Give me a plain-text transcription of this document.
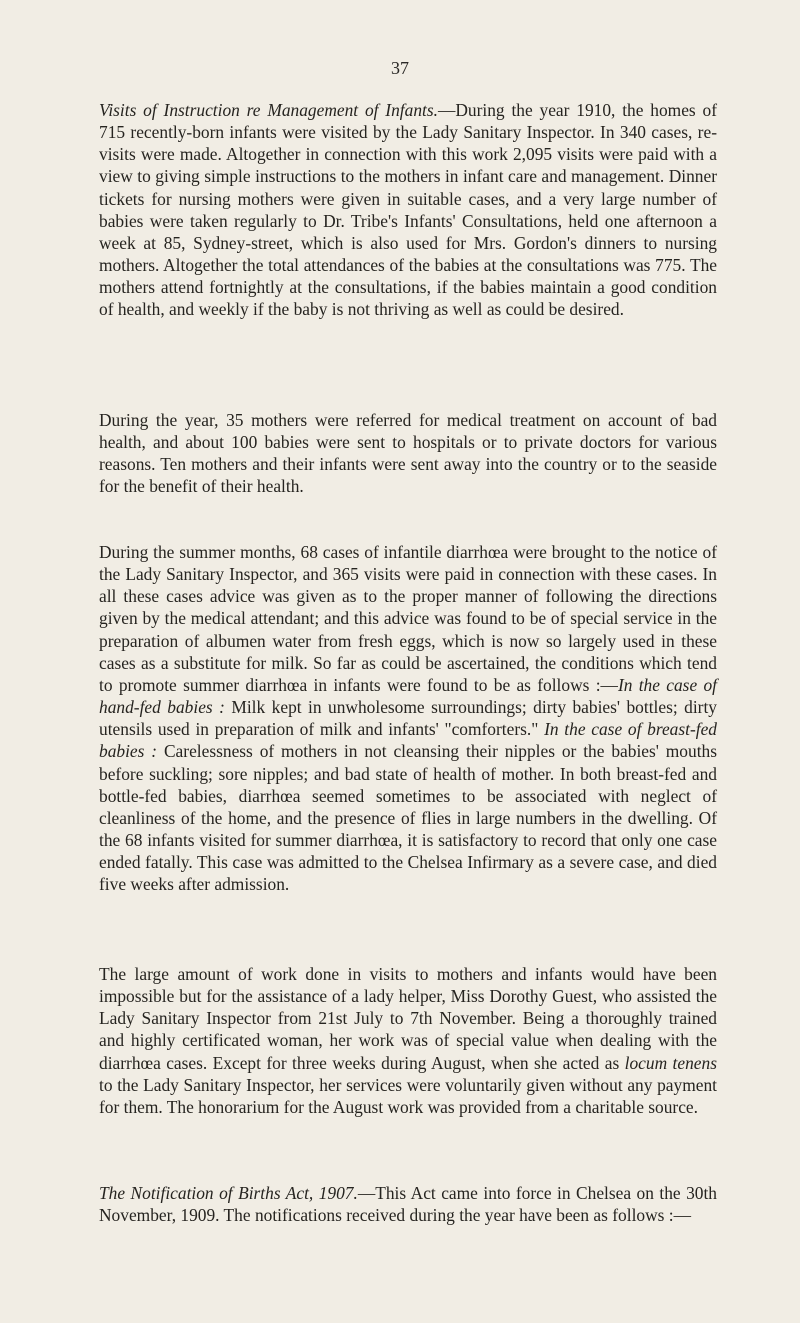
37

Visits of Instruction re Management of Infants.—During the year 1910, the homes of 715 recently-born infants were visited by the Lady Sanitary Inspector. In 340 cases, re-visits were made. Altogether in connection with this work 2,095 visits were paid with a view to giving simple instructions to the mothers in infant care and management. Dinner tickets for nursing mothers were given in suitable cases, and a very large number of babies were taken regularly to Dr. Tribe's Infants' Consultations, held one afternoon a week at 85, Sydney-street, which is also used for Mrs. Gordon's dinners to nursing mothers. Altogether the total attendances of the babies at the consultations was 775. The mothers attend fortnightly at the consultations, if the babies maintain a good condition of health, and weekly if the baby is not thriving as well as could be desired.

During the year, 35 mothers were referred for medical treatment on account of bad health, and about 100 babies were sent to hospitals or to private doctors for various reasons. Ten mothers and their infants were sent away into the country or to the seaside for the benefit of their health.

During the summer months, 68 cases of infantile diarrhœa were brought to the notice of the Lady Sanitary Inspector, and 365 visits were paid in connection with these cases. In all these cases advice was given as to the proper manner of following the directions given by the medical attendant; and this advice was found to be of special service in the preparation of albumen water from fresh eggs, which is now so largely used in these cases as a substitute for milk. So far as could be ascertained, the conditions which tend to promote summer diarrhœa in infants were found to be as follows :—In the case of hand-fed babies : Milk kept in unwholesome surroundings; dirty babies' bottles; dirty utensils used in preparation of milk and infants' "comforters." In the case of breast-fed babies : Carelessness of mothers in not cleansing their nipples or the babies' mouths before suckling; sore nipples; and bad state of health of mother. In both breast-fed and bottle-fed babies, diarrhœa seemed sometimes to be associated with neglect of cleanliness of the home, and the presence of flies in large numbers in the dwelling. Of the 68 infants visited for summer diarrhœa, it is satisfactory to record that only one case ended fatally. This case was admitted to the Chelsea Infirmary as a severe case, and died five weeks after admission.

The large amount of work done in visits to mothers and infants would have been impossible but for the assistance of a lady helper, Miss Dorothy Guest, who assisted the Lady Sanitary Inspector from 21st July to 7th November. Being a thoroughly trained and highly certificated woman, her work was of special value when dealing with the diarrhœa cases. Except for three weeks during August, when she acted as locum tenens to the Lady Sanitary Inspector, her services were voluntarily given without any payment for them. The honorarium for the August work was provided from a charitable source.

The Notification of Births Act, 1907.—This Act came into force in Chelsea on the 30th November, 1909. The notifications received during the year have been as follows :—
